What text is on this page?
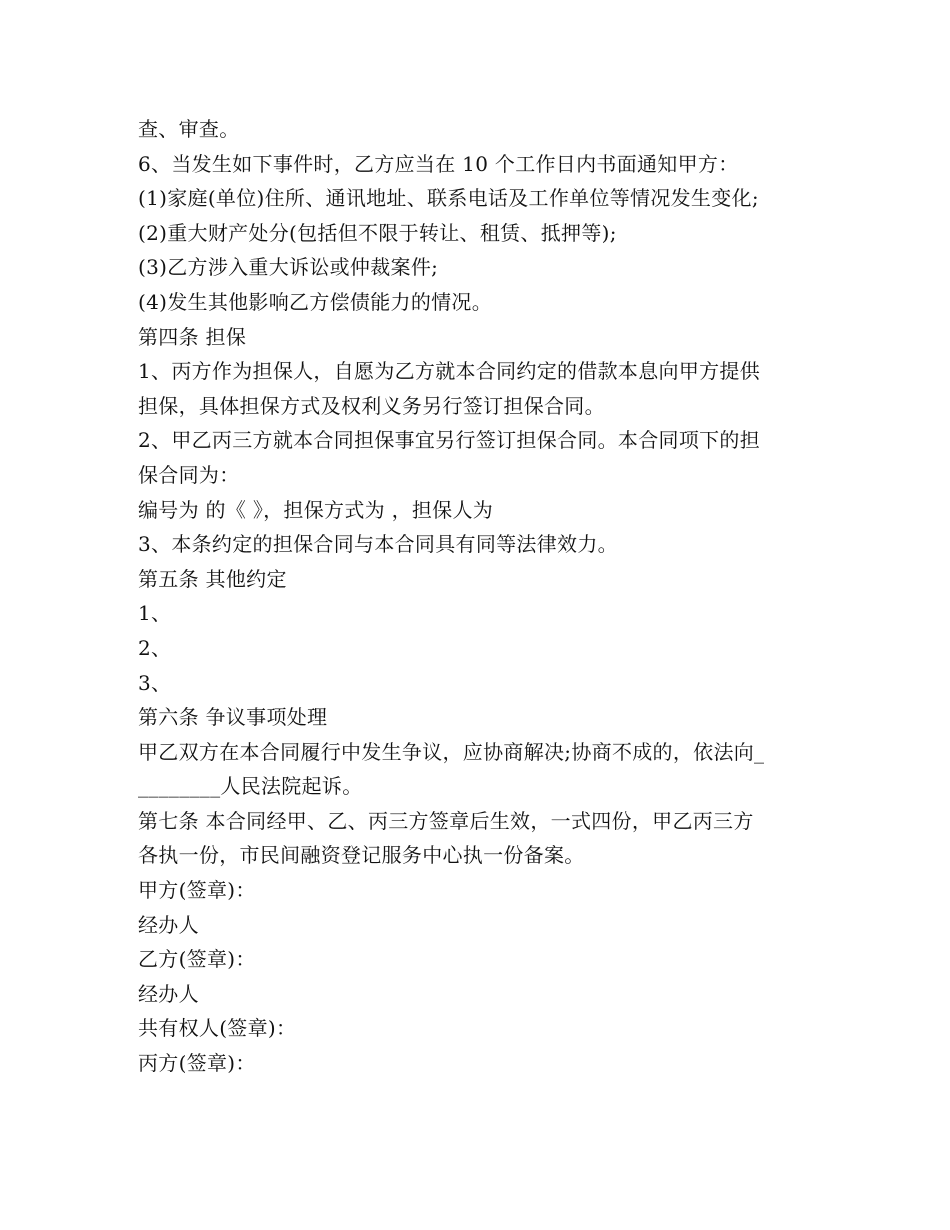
查、审查。

6、当发生如下事件时，乙方应当在 10 个工作日内书面通知甲方：

(1)家庭(单位)住所、通讯地址、联系电话及工作单位等情况发生变化;

(2)重大财产处分(包括但不限于转让、租赁、抵押等);

(3)乙方涉入重大诉讼或仲裁案件;

(4)发生其他影响乙方偿债能力的情况。

第四条 担保

1、丙方作为担保人，自愿为乙方就本合同约定的借款本息向甲方提供

担保，具体担保方式及权利义务另行签订担保合同。

2、甲乙丙三方就本合同担保事宜另行签订担保合同。本合同项下的担

保合同为：

编号为 的《 》，担保方式为 ，担保人为

3、本条约定的担保合同与本合同具有同等法律效力。

第五条 其他约定

1、

2、

3、

第六条 争议事项处理

甲乙双方在本合同履行中发生争议，应协商解决;协商不成的，依法向_

________人民法院起诉。

第七条 本合同经甲、乙、丙三方签章后生效，一式四份，甲乙丙三方

各执一份，市民间融资登记服务中心执一份备案。

甲方(签章)：

经办人

乙方(签章)：

经办人

共有权人(签章)：

丙方(签章)：
